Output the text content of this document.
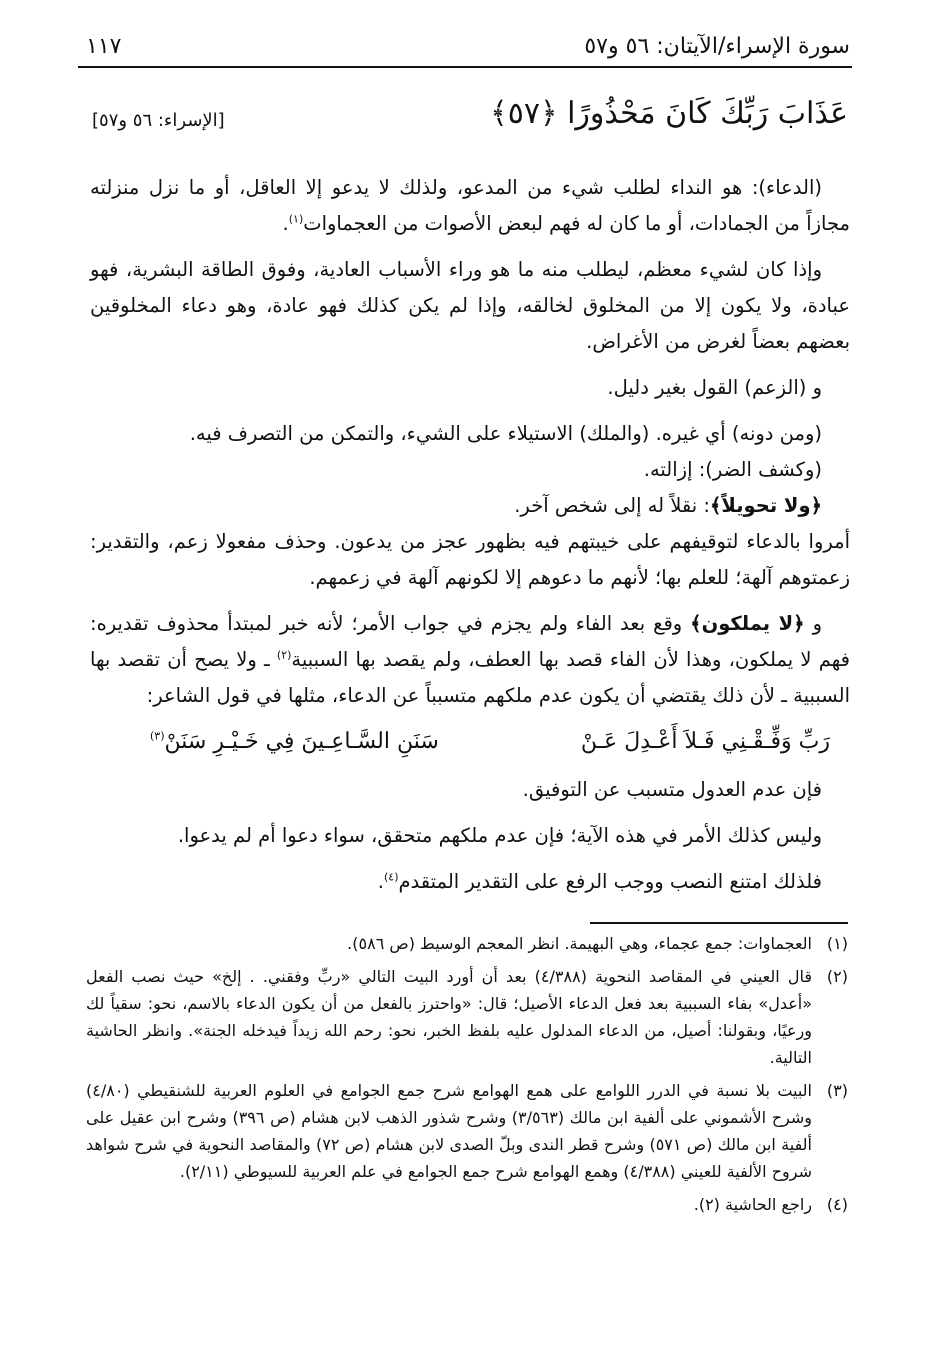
سورة الإسراء/الآيتان: ٥٦ و٥٧
١١٧
عَذَابَ رَبِّكَ كَانَ مَحْذُورًا ﴿٥٧﴾
[الإسراء: ٥٦ و٥٧]

(الدعاء): هو النداء لطلب شيء من المدعو، ولذلك لا يدعو إلا العاقل، أو ما نزل منزلته مجازاً من الجمادات، أو ما كان له فهم لبعض الأصوات من العجماوات$^{(١)}$.

وإذا كان لشيء معظم، ليطلب منه ما هو وراء الأسباب العادية، وفوق الطاقة البشرية، فهو عبادة، ولا يكون إلا من المخلوق لخالقه، وإذا لم يكن كذلك فهو عادة، وهو دعاء المخلوقين بعضهم بعضاً لغرض من الأغراض.

و (الزعم) القول بغير دليل.

(ومن دونه) أي غيره. (والملك) الاستيلاء على الشيء، والتمكن من التصرف فيه.

(وكشف الضر): إزالته.

﴿ولا تحويلاً﴾: نقلاً له إلى شخص آخر.

أمروا بالدعاء لتوقيفهم على خيبتهم فيه بظهور عجز من يدعون. وحذف مفعولا زعم، والتقدير: زعمتوهم آلهة؛ للعلم بها؛ لأنهم ما دعوهم إلا لكونهم آلهة في زعمهم.

و ﴿لا يملكون﴾ وقع بعد الفاء ولم يجزم في جواب الأمر؛ لأنه خبر لمبتدأ محذوف تقديره: فهم لا يملكون، وهذا لأن الفاء قصد بها العطف، ولم يقصد بها السببية$^{(٢)}$ ـ ولا يصح أن تقصد بها السببية ـ لأن ذلك يقتضي أن يكون عدم ملكهم متسبباً عن الدعاء، مثلها في قول الشاعر:

رَبِّ وَفِّـقْـنِي فَـلاَ أَعْـدِلَ عَـنْ
سَنَنِ السَّـاعِـينَ فِي خَـيْـرِ سَنَنْ$^{(٣)}$

فإن عدم العدول متسبب عن التوفيق.

وليس كذلك الأمر في هذه الآية؛ فإن عدم ملكهم متحقق، سواء دعوا أم لم يدعوا.

فلذلك امتنع النصب ووجب الرفع على التقدير المتقدم$^{(٤)}$.

(١)
العجماوات: جمع عجماء، وهي البهيمة. انظر المعجم الوسيط (ص ٥٨٦).
(٢)
قال العيني في المقاصد النحوية (٤/٣٨٨) بعد أن أورد البيت التالي «ربِّ وفقني. . إلخ» حيث نصب الفعل «أعدل» بفاء السببية بعد فعل الدعاء الأصيل؛ قال: «واحترز بالفعل من أن يكون الدعاء بالاسم، نحو: سقياً لك ورعيًا، وبقولنا: أصيل، من الدعاء المدلول عليه بلفظ الخبر، نحو: رحم الله زيداً فيدخله الجنة». وانظر الحاشية التالية.
(٣)
البيت بلا نسبة في الدرر اللوامع على همع الهوامع شرح جمع الجوامع في العلوم العربية للشنقيطي (٤/٨٠) وشرح الأشموني على ألفية ابن مالك (٣/٥٦٣) وشرح شذور الذهب لابن هشام (ص ٣٩٦) وشرح ابن عقيل على ألفية ابن مالك (ص ٥٧١) وشرح قطر الندى وبلّ الصدى لابن هشام (ص ٧٢) والمقاصد النحوية في شرح شواهد شروح الألفية للعيني (٤/٣٨٨) وهمع الهوامع شرح جمع الجوامع في علم العربية للسيوطي (٢/١١).
(٤)
راجع الحاشية (٢).
